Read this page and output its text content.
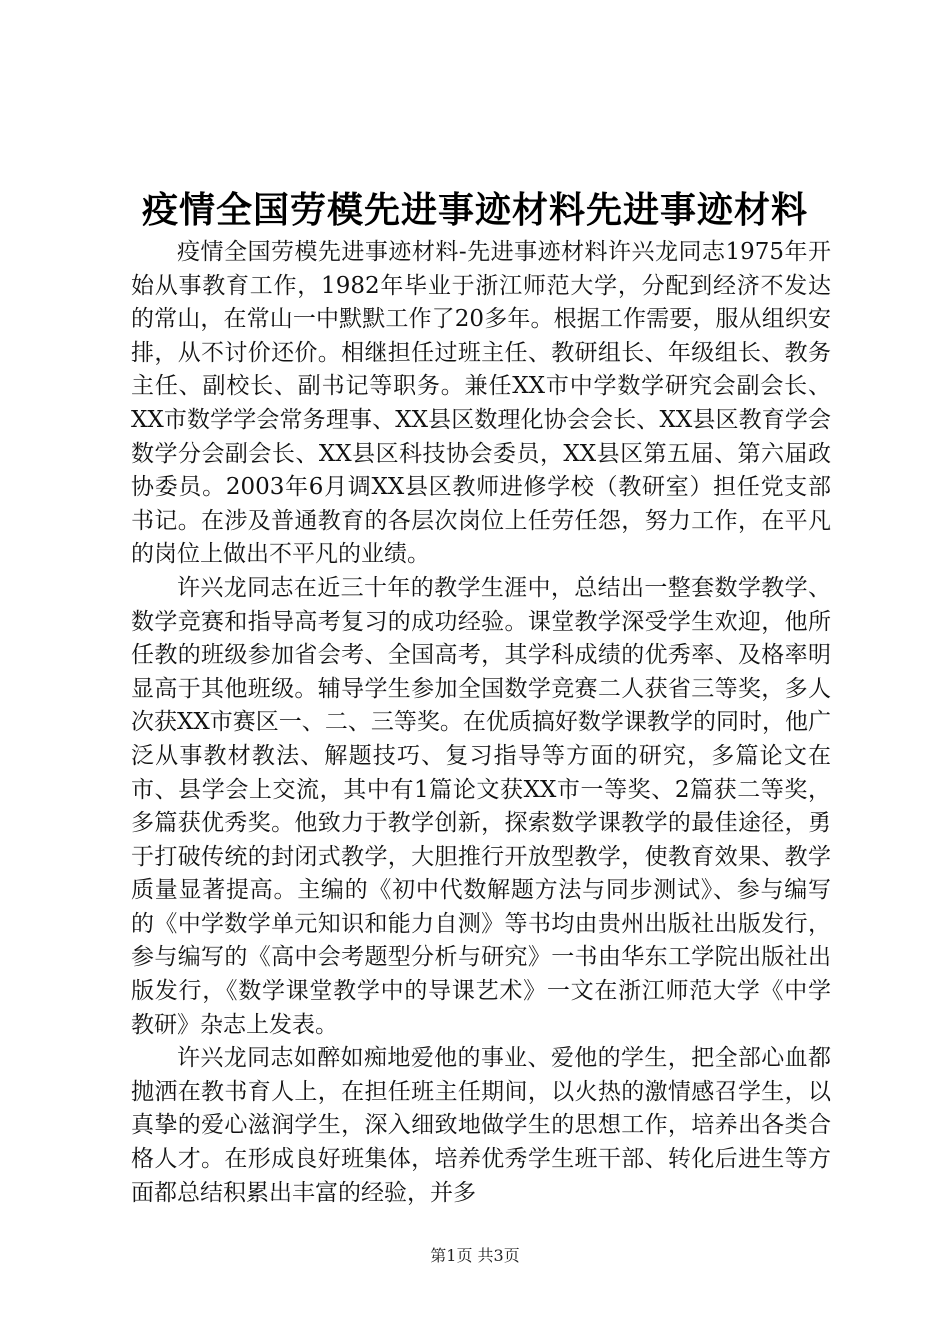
疫情全国劳模先进事迹材料先进事迹材料

疫情全国劳模先进事迹材料-先进事迹材料许兴龙同志1975年开始从事教育工作，1982年毕业于浙江师范大学，分配到经济不发达的常山，在常山一中默默工作了20多年。根据工作需要，服从组织安排，从不讨价还价。相继担任过班主任、教研组长、年级组长、教务主任、副校长、副书记等职务。兼任XX市中学数学研究会副会长、XX市数学学会常务理事、XX县区数理化协会会长、XX县区教育学会数学分会副会长、XX县区科技协会委员，XX县区第五届、第六届政协委员。2003年6月调XX县区教师进修学校（教研室）担任党支部书记。在涉及普通教育的各层次岗位上任劳任怨，努力工作，在平凡的岗位上做出不平凡的业绩。

许兴龙同志在近三十年的教学生涯中，总结出一整套数学教学、数学竞赛和指导高考复习的成功经验。课堂教学深受学生欢迎，他所任教的班级参加省会考、全国高考，其学科成绩的优秀率、及格率明显高于其他班级。辅导学生参加全国数学竞赛二人获省三等奖，多人次获XX市赛区一、二、三等奖。在优质搞好数学课教学的同时，他广泛从事教材教法、解题技巧、复习指导等方面的研究，多篇论文在市、县学会上交流，其中有1篇论文获XX市一等奖、2篇获二等奖，多篇获优秀奖。他致力于教学创新，探索数学课教学的最佳途径，勇于打破传统的封闭式教学，大胆推行开放型教学，使教育效果、教学质量显著提高。主编的《初中代数解题方法与同步测试》、参与编写的《中学数学单元知识和能力自测》等书均由贵州出版社出版发行，参与编写的《高中会考题型分析与研究》一书由华东工学院出版社出版发行，《数学课堂教学中的导课艺术》一文在浙江师范大学《中学教研》杂志上发表。

许兴龙同志如醉如痴地爱他的事业、爱他的学生，把全部心血都抛洒在教书育人上，在担任班主任期间，以火热的激情感召学生，以真挚的爱心滋润学生，深入细致地做学生的思想工作，培养出各类合格人才。在形成良好班集体，培养优秀学生班干部、转化后进生等方面都总结积累出丰富的经验，并多

第1页 共3页
